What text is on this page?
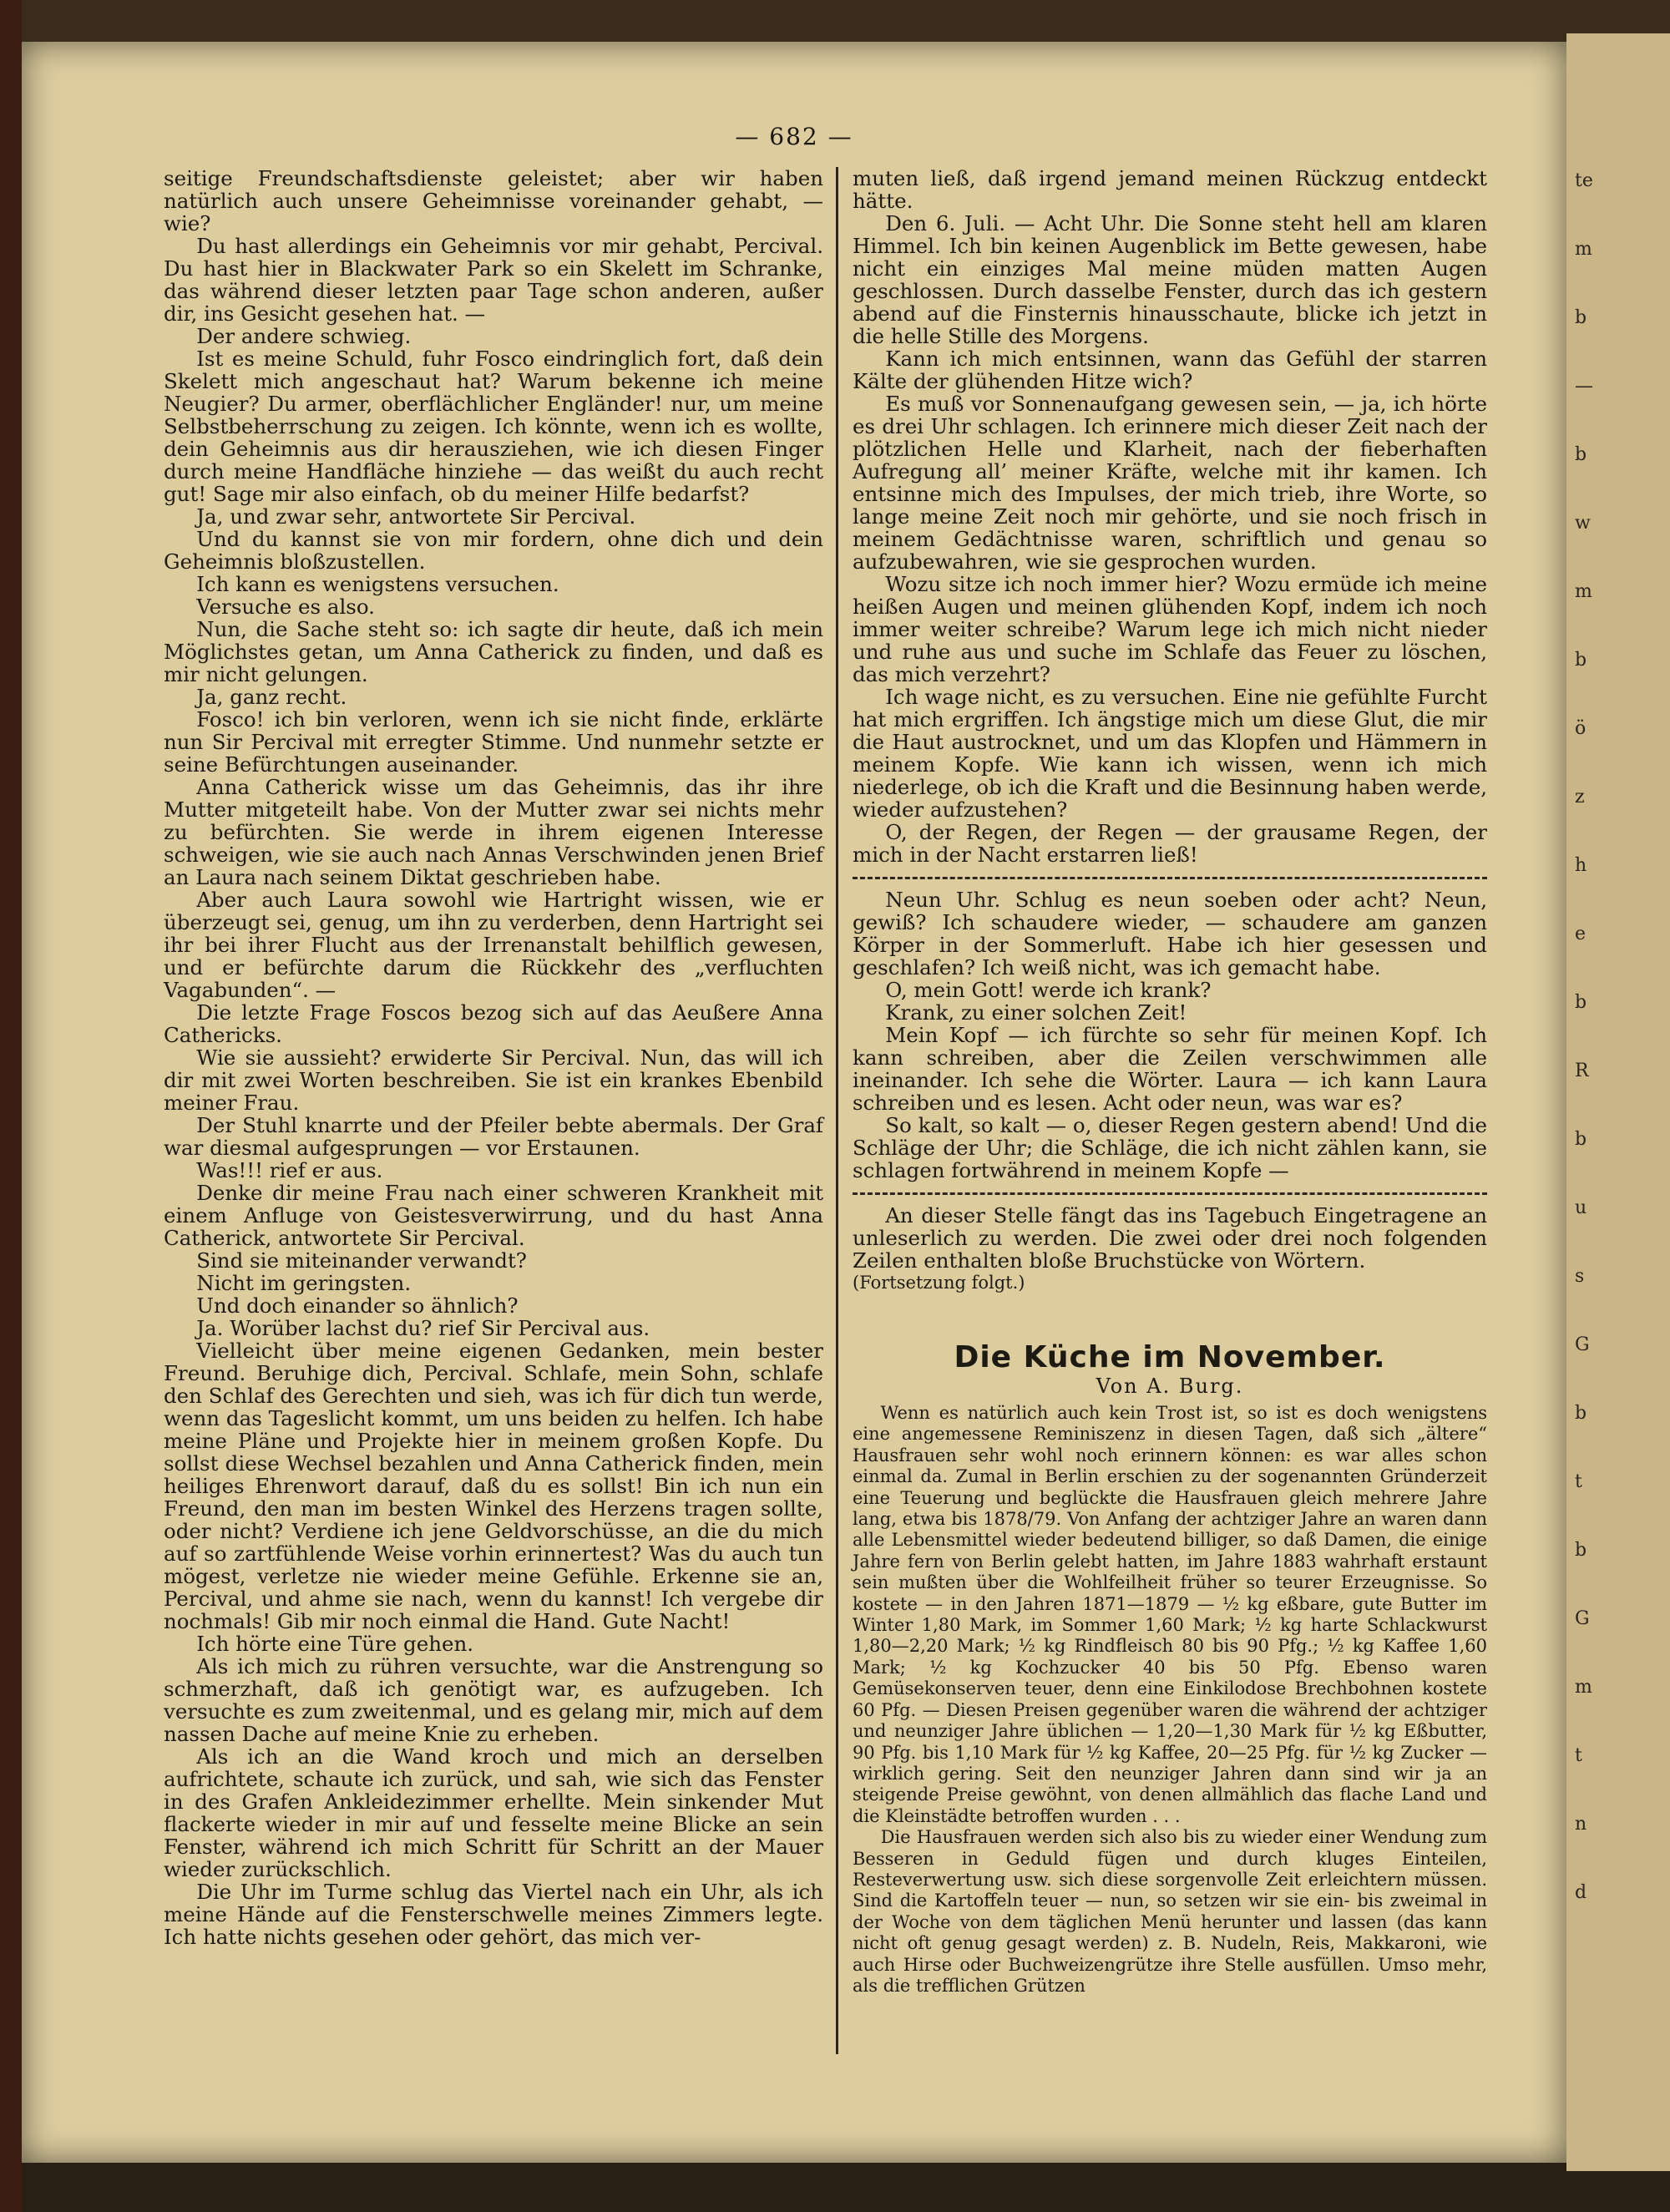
— 682 —

seitige Freundschaftsdienste geleistet; aber wir haben natürlich auch unsere Geheimnisse voreinander gehabt, — wie?

Du hast allerdings ein Geheimnis vor mir gehabt, Percival. Du hast hier in Blackwater Park so ein Skelett im Schranke, das während dieser letzten paar Tage schon anderen, außer dir, ins Gesicht gesehen hat. —

Der andere schwieg.

Ist es meine Schuld, fuhr Fosco eindringlich fort, daß dein Skelett mich angeschaut hat? Warum bekenne ich meine Neugier? Du armer, oberflächlicher Engländer! nur, um meine Selbstbeherrschung zu zeigen. Ich könnte, wenn ich es wollte, dein Geheimnis aus dir herausziehen, wie ich diesen Finger durch meine Handfläche hinziehe — das weißt du auch recht gut! Sage mir also einfach, ob du meiner Hilfe bedarfst?

Ja, und zwar sehr, antwortete Sir Percival.

Und du kannst sie von mir fordern, ohne dich und dein Geheimnis bloßzustellen.

Ich kann es wenigstens versuchen.

Versuche es also.

Nun, die Sache steht so: ich sagte dir heute, daß ich mein Möglichstes getan, um Anna Catherick zu finden, und daß es mir nicht gelungen.

Ja, ganz recht.

Fosco! ich bin verloren, wenn ich sie nicht finde, erklärte nun Sir Percival mit erregter Stimme. Und nunmehr setzte er seine Befürchtungen auseinander.

Anna Catherick wisse um das Geheimnis, das ihr ihre Mutter mitgeteilt habe. Von der Mutter zwar sei nichts mehr zu befürchten. Sie werde in ihrem eigenen Interesse schweigen, wie sie auch nach Annas Verschwinden jenen Brief an Laura nach seinem Diktat geschrieben habe.

Aber auch Laura sowohl wie Hartright wissen, wie er überzeugt sei, genug, um ihn zu verderben, denn Hartright sei ihr bei ihrer Flucht aus der Irrenanstalt behilflich gewesen, und er befürchte darum die Rückkehr des „verfluchten Vagabunden“. —

Die letzte Frage Foscos bezog sich auf das Aeußere Anna Cathericks.

Wie sie aussieht? erwiderte Sir Percival. Nun, das will ich dir mit zwei Worten beschreiben. Sie ist ein krankes Ebenbild meiner Frau.

Der Stuhl knarrte und der Pfeiler bebte abermals. Der Graf war diesmal aufgesprungen — vor Erstaunen.

Was!!! rief er aus.

Denke dir meine Frau nach einer schweren Krankheit mit einem Anfluge von Geistesverwirrung, und du hast Anna Catherick, antwortete Sir Percival.

Sind sie miteinander verwandt?

Nicht im geringsten.

Und doch einander so ähnlich?

Ja. Worüber lachst du? rief Sir Percival aus.

Vielleicht über meine eigenen Gedanken, mein bester Freund. Beruhige dich, Percival. Schlafe, mein Sohn, schlafe den Schlaf des Gerechten und sieh, was ich für dich tun werde, wenn das Tageslicht kommt, um uns beiden zu helfen. Ich habe meine Pläne und Projekte hier in meinem großen Kopfe. Du sollst diese Wechsel bezahlen und Anna Catherick finden, mein heiliges Ehrenwort darauf, daß du es sollst! Bin ich nun ein Freund, den man im besten Winkel des Herzens tragen sollte, oder nicht? Verdiene ich jene Geldvorschüsse, an die du mich auf so zartfühlende Weise vorhin erinnertest? Was du auch tun mögest, verletze nie wieder meine Gefühle. Erkenne sie an, Percival, und ahme sie nach, wenn du kannst! Ich vergebe dir nochmals! Gib mir noch einmal die Hand. Gute Nacht!

Ich hörte eine Türe gehen.

Als ich mich zu rühren versuchte, war die Anstrengung so schmerzhaft, daß ich genötigt war, es aufzugeben. Ich versuchte es zum zweitenmal, und es gelang mir, mich auf dem nassen Dache auf meine Knie zu erheben.

Als ich an die Wand kroch und mich an derselben aufrichtete, schaute ich zurück, und sah, wie sich das Fenster in des Grafen Ankleidezimmer erhellte. Mein sinkender Mut flackerte wieder in mir auf und fesselte meine Blicke an sein Fenster, während ich mich Schritt für Schritt an der Mauer wieder zurückschlich.

Die Uhr im Turme schlug das Viertel nach ein Uhr, als ich meine Hände auf die Fensterschwelle meines Zimmers legte. Ich hatte nichts gesehen oder gehört, das mich ver-

muten ließ, daß irgend jemand meinen Rückzug entdeckt hätte.

Den 6. Juli. — Acht Uhr. Die Sonne steht hell am klaren Himmel. Ich bin keinen Augenblick im Bette gewesen, habe nicht ein einziges Mal meine müden matten Augen geschlossen. Durch dasselbe Fenster, durch das ich gestern abend auf die Finsternis hinausschaute, blicke ich jetzt in die helle Stille des Morgens.

Kann ich mich entsinnen, wann das Gefühl der starren Kälte der glühenden Hitze wich?

Es muß vor Sonnenaufgang gewesen sein, — ja, ich hörte es drei Uhr schlagen. Ich erinnere mich dieser Zeit nach der plötzlichen Helle und Klarheit, nach der fieberhaften Aufregung all’ meiner Kräfte, welche mit ihr kamen. Ich entsinne mich des Impulses, der mich trieb, ihre Worte, so lange meine Zeit noch mir gehörte, und sie noch frisch in meinem Gedächtnisse waren, schriftlich und genau so aufzubewahren, wie sie gesprochen wurden.

Wozu sitze ich noch immer hier? Wozu ermüde ich meine heißen Augen und meinen glühenden Kopf, indem ich noch immer weiter schreibe? Warum lege ich mich nicht nieder und ruhe aus und suche im Schlafe das Feuer zu löschen, das mich verzehrt?

Ich wage nicht, es zu versuchen. Eine nie gefühlte Furcht hat mich ergriffen. Ich ängstige mich um diese Glut, die mir die Haut austrocknet, und um das Klopfen und Hämmern in meinem Kopfe. Wie kann ich wissen, wenn ich mich niederlege, ob ich die Kraft und die Besinnung haben werde, wieder aufzustehen?

O, der Regen, der Regen — der grausame Regen, der mich in der Nacht erstarren ließ!

Neun Uhr. Schlug es neun soeben oder acht? Neun, gewiß? Ich schaudere wieder, — schaudere am ganzen Körper in der Sommerluft. Habe ich hier gesessen und geschlafen? Ich weiß nicht, was ich gemacht habe.

O, mein Gott! werde ich krank?

Krank, zu einer solchen Zeit!

Mein Kopf — ich fürchte so sehr für meinen Kopf. Ich kann schreiben, aber die Zeilen verschwimmen alle ineinander. Ich sehe die Wörter. Laura — ich kann Laura schreiben und es lesen. Acht oder neun, was war es?

So kalt, so kalt — o, dieser Regen gestern abend! Und die Schläge der Uhr; die Schläge, die ich nicht zählen kann, sie schlagen fortwährend in meinem Kopfe —

An dieser Stelle fängt das ins Tagebuch Eingetragene an unleserlich zu werden. Die zwei oder drei noch folgenden Zeilen enthalten bloße Bruchstücke von Wörtern.

(Fortsetzung folgt.)

Die Küche im November.
Von A. Burg.

Wenn es natürlich auch kein Trost ist, so ist es doch wenigstens eine angemessene Reminiszenz in diesen Tagen, daß sich „ältere“ Hausfrauen sehr wohl noch erinnern können: es war alles schon einmal da. Zumal in Berlin erschien zu der sogenannten Gründerzeit eine Teuerung und beglückte die Hausfrauen gleich mehrere Jahre lang, etwa bis 1878/79. Von Anfang der achtziger Jahre an waren dann alle Lebensmittel wieder bedeutend billiger, so daß Damen, die einige Jahre fern von Berlin gelebt hatten, im Jahre 1883 wahrhaft erstaunt sein mußten über die Wohlfeilheit früher so teurer Erzeugnisse. So kostete — in den Jahren 1871—1879 — ½ kg eßbare, gute Butter im Winter 1,80 Mark, im Sommer 1,60 Mark; ½ kg harte Schlackwurst 1,80—2,20 Mark; ½ kg Rindfleisch 80 bis 90 Pfg.; ½ kg Kaffee 1,60 Mark; ½ kg Kochzucker 40 bis 50 Pfg. Ebenso waren Gemüsekonserven teuer, denn eine Einkilodose Brechbohnen kostete 60 Pfg. — Diesen Preisen gegenüber waren die während der achtziger und neunziger Jahre üblichen — 1,20—1,30 Mark für ½ kg Eßbutter, 90 Pfg. bis 1,10 Mark für ½ kg Kaffee, 20—25 Pfg. für ½ kg Zucker — wirklich gering. Seit den neunziger Jahren dann sind wir ja an steigende Preise gewöhnt, von denen allmählich das flache Land und die Kleinstädte betroffen wurden . . .

Die Hausfrauen werden sich also bis zu wieder einer Wendung zum Besseren in Geduld fügen und durch kluges Einteilen, Resteverwertung usw. sich diese sorgenvolle Zeit erleichtern müssen. Sind die Kartoffeln teuer — nun, so setzen wir sie ein- bis zweimal in der Woche von dem täglichen Menü herunter und lassen (das kann nicht oft genug gesagt werden) z. B. Nudeln, Reis, Makkaroni, wie auch Hirse oder Buchweizengrütze ihre Stelle ausfüllen. Umso mehr, als die trefflichen Grützen

te
m
b
—
b
w
m
b
ö
z
h
e
b
R
b
u
s
G
b
t
b
G
m
t
n
d
